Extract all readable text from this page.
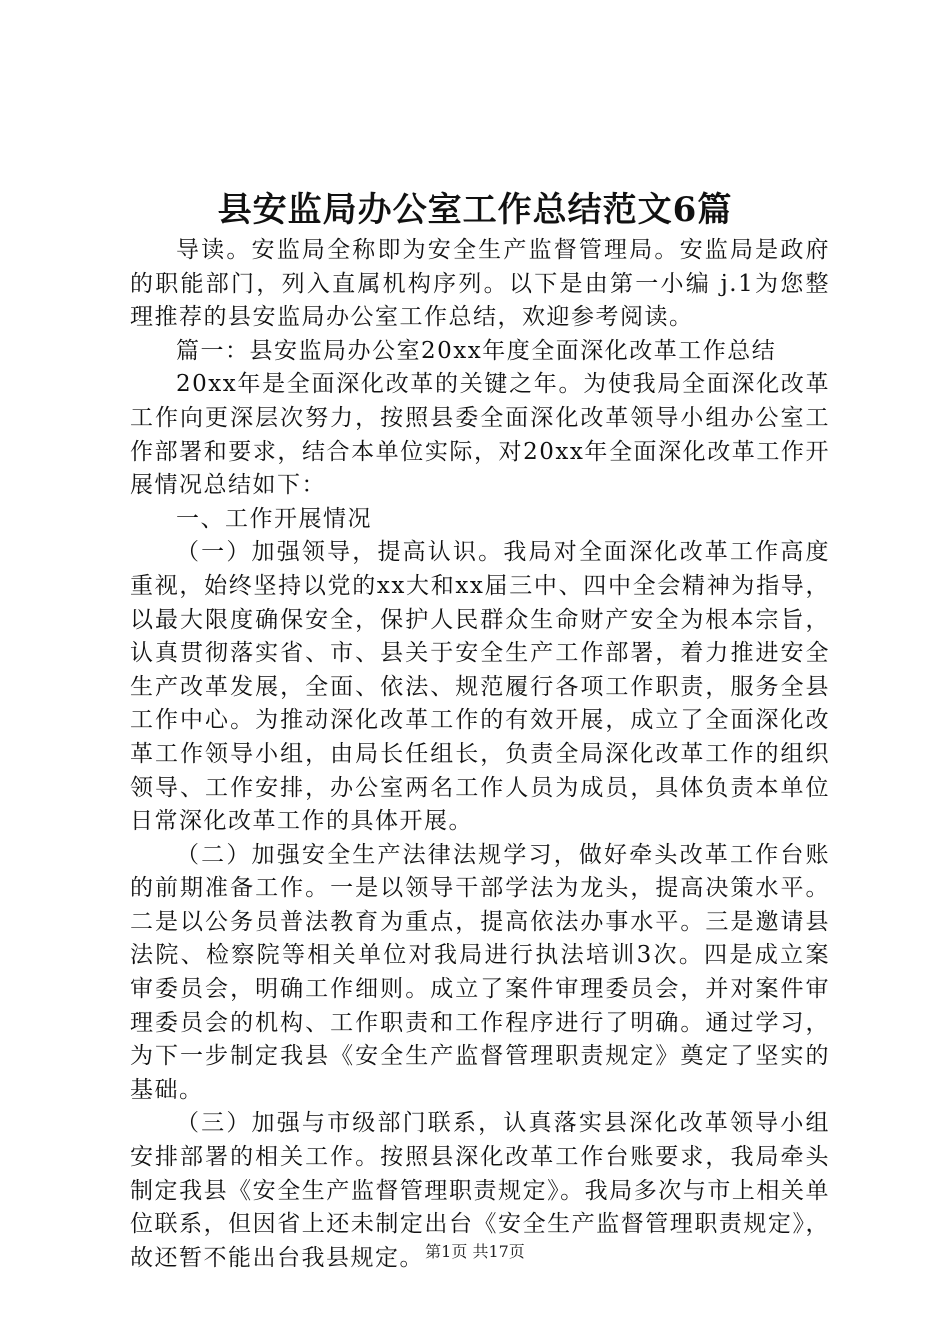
县安监局办公室工作总结范文6篇

导读。安监局全称即为安全生产监督管理局。安监局是政府的职能部门，列入直属机构序列。以下是由第一小编 j.1为您整理推荐的县安监局办公室工作总结，欢迎参考阅读。

篇一：县安监局办公室20xx年度全面深化改革工作总结

20xx年是全面深化改革的关键之年。为使我局全面深化改革工作向更深层次努力，按照县委全面深化改革领导小组办公室工作部署和要求，结合本单位实际，对20xx年全面深化改革工作开展情况总结如下：

一、工作开展情况

（一）加强领导，提高认识。我局对全面深化改革工作高度重视，始终坚持以党的xx大和xx届三中、四中全会精神为指导，以最大限度确保安全，保护人民群众生命财产安全为根本宗旨，认真贯彻落实省、市、县关于安全生产工作部署，着力推进安全生产改革发展，全面、依法、规范履行各项工作职责，服务全县工作中心。为推动深化改革工作的有效开展，成立了全面深化改革工作领导小组，由局长任组长，负责全局深化改革工作的组织领导、工作安排，办公室两名工作人员为成员，具体负责本单位日常深化改革工作的具体开展。

（二）加强安全生产法律法规学习，做好牵头改革工作台账的前期准备工作。一是以领导干部学法为龙头，提高决策水平。二是以公务员普法教育为重点，提高依法办事水平。三是邀请县法院、检察院等相关单位对我局进行执法培训3次。四是成立案审委员会，明确工作细则。成立了案件审理委员会，并对案件审理委员会的机构、工作职责和工作程序进行了明确。通过学习，为下一步制定我县《安全生产监督管理职责规定》奠定了坚实的基础。

（三）加强与市级部门联系，认真落实县深化改革领导小组安排部署的相关工作。按照县深化改革工作台账要求，我局牵头制定我县《安全生产监督管理职责规定》。我局多次与市上相关单位联系，但因省上还未制定出台《安全生产监督管理职责规定》，故还暂不能出台我县规定。 第1页 共17页
